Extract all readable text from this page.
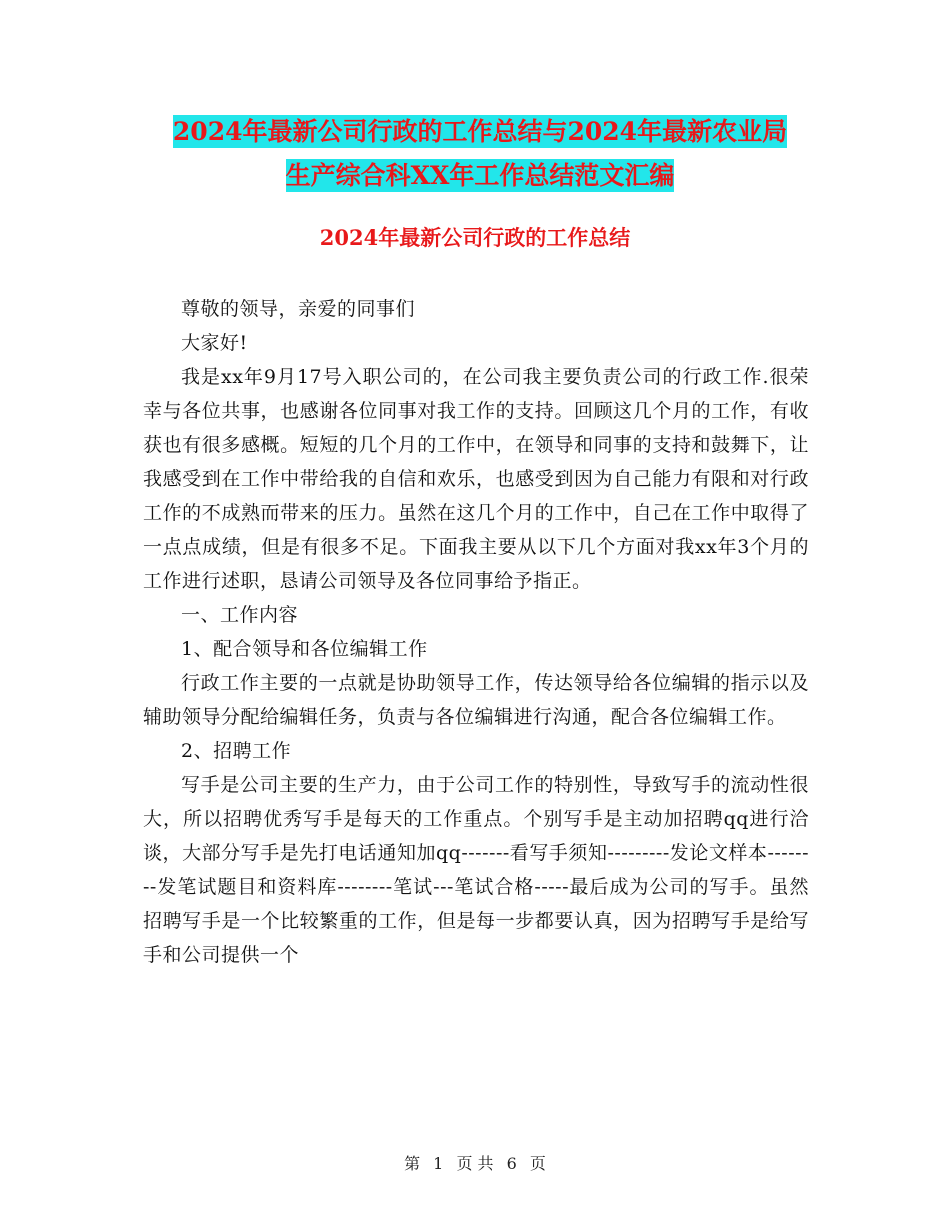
2024年最新公司行政的工作总结与2024年最新农业局
生产综合科XX年工作总结范文汇编
2024年最新公司行政的工作总结

尊敬的领导，亲爱的同事们

大家好!

我是xx年9月17号入职公司的，在公司我主要负责公司的行政工作.很荣幸与各位共事，也感谢各位同事对我工作的支持。回顾这几个月的工作，有收获也有很多感概。短短的几个月的工作中，在领导和同事的支持和鼓舞下，让我感受到在工作中带给我的自信和欢乐，也感受到因为自己能力有限和对行政工作的不成熟而带来的压力。虽然在这几个月的工作中，自己在工作中取得了一点点成绩，但是有很多不足。下面我主要从以下几个方面对我xx年3个月的工作进行述职，恳请公司领导及各位同事给予指正。

一、工作内容

1、配合领导和各位编辑工作

行政工作主要的一点就是协助领导工作，传达领导给各位编辑的指示以及辅助领导分配给编辑任务，负责与各位编辑进行沟通，配合各位编辑工作。

2、招聘工作

写手是公司主要的生产力，由于公司工作的特别性，导致写手的流动性很大，所以招聘优秀写手是每天的工作重点。个别写手是主动加招聘qq进行洽谈，大部分写手是先打电话通知加qq-------看写手须知---------发论文样本--------发笔试题目和资料库--------笔试---笔试合格-----最后成为公司的写手。虽然招聘写手是一个比较繁重的工作，但是每一步都要认真，因为招聘写手是给写手和公司提供一个

第 1 页 共 6 页
